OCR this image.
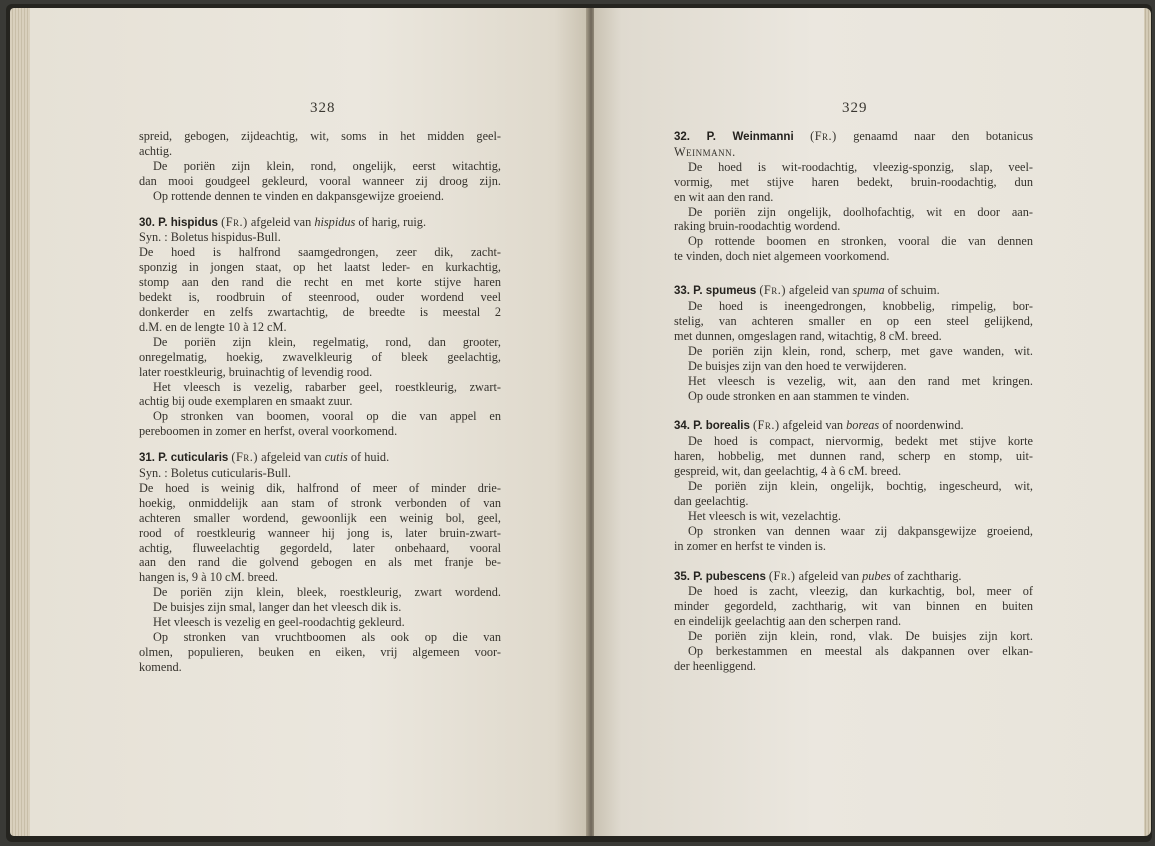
328

spreid, gebogen, zijdeachtig, wit, soms in het midden geel-

achtig.

De poriën zijn klein, rond, ongelijk, eerst witachtig,

dan mooi goudgeel gekleurd, vooral wanneer zij droog zijn.

Op rottende dennen te vinden en dakpansgewijze groeiend.

30. P. hispidus (Fr.) afgeleid van hispidus of harig, ruig.

Syn. : Boletus hispidus-Bull.

De hoed is halfrond saamgedrongen, zeer dik, zacht-

sponzig in jongen staat, op het laatst leder- en kurkachtig,

stomp aan den rand die recht en met korte stijve haren

bedekt is, roodbruin of steenrood, ouder wordend veel

donkerder en zelfs zwartachtig, de breedte is meestal 2

d.M. en de lengte 10 à 12 cM.

De poriën zijn klein, regelmatig, rond, dan grooter,

onregelmatig, hoekig, zwavelkleurig of bleek geelachtig,

later roestkleurig, bruinachtig of levendig rood.

Het vleesch is vezelig, rabarber geel, roestkleurig, zwart-

achtig bij oude exemplaren en smaakt zuur.

Op stronken van boomen, vooral op die van appel en

pereboomen in zomer en herfst, overal voorkomend.

31. P. cuticularis (Fr.) afgeleid van cutis of huid.

Syn. : Boletus cuticularis-Bull.

De hoed is weinig dik, halfrond of meer of minder drie-

hoekig, onmiddelijk aan stam of stronk verbonden of van

achteren smaller wordend, gewoonlijk een weinig bol, geel,

rood of roestkleurig wanneer hij jong is, later bruin-zwart-

achtig, fluweelachtig gegordeld, later onbehaard, vooral

aan den rand die golvend gebogen en als met franje be-

hangen is, 9 à 10 cM. breed.

De poriën zijn klein, bleek, roestkleurig, zwart wordend.

De buisjes zijn smal, langer dan het vleesch dik is.

Het vleesch is vezelig en geel-roodachtig gekleurd.

Op stronken van vruchtboomen als ook op die van

olmen, populieren, beuken en eiken, vrij algemeen voor-

komend.

329

32. P. Weinmanni (Fr.) genaamd naar den botanicus

Weinmann.

De hoed is wit-roodachtig, vleezig-sponzig, slap, veel-

vormig, met stijve haren bedekt, bruin-roodachtig, dun

en wit aan den rand.

De poriën zijn ongelijk, doolhofachtig, wit en door aan-

raking bruin-roodachtig wordend.

Op rottende boomen en stronken, vooral die van dennen

te vinden, doch niet algemeen voorkomend.

33. P. spumeus (Fr.) afgeleid van spuma of schuim.

De hoed is ineengedrongen, knobbelig, rimpelig, bor-

stelig, van achteren smaller en op een steel gelijkend,

met dunnen, omgeslagen rand, witachtig, 8 cM. breed.

De poriën zijn klein, rond, scherp, met gave wanden, wit.

De buisjes zijn van den hoed te verwijderen.

Het vleesch is vezelig, wit, aan den rand met kringen.

Op oude stronken en aan stammen te vinden.

34. P. borealis (Fr.) afgeleid van boreas of noordenwind.

De hoed is compact, niervormig, bedekt met stijve korte

haren, hobbelig, met dunnen rand, scherp en stomp, uit-

gespreid, wit, dan geelachtig, 4 à 6 cM. breed.

De poriën zijn klein, ongelijk, bochtig, ingescheurd, wit,

dan geelachtig.

Het vleesch is wit, vezelachtig.

Op stronken van dennen waar zij dakpansgewijze groeiend,

in zomer en herfst te vinden is.

35. P. pubescens (Fr.) afgeleid van pubes of zachtharig.

De hoed is zacht, vleezig, dan kurkachtig, bol, meer of

minder gegordeld, zachtharig, wit van binnen en buiten

en eindelijk geelachtig aan den scherpen rand.

De poriën zijn klein, rond, vlak. De buisjes zijn kort.

Op berkestammen en meestal als dakpannen over elkan-

der heenliggend.
